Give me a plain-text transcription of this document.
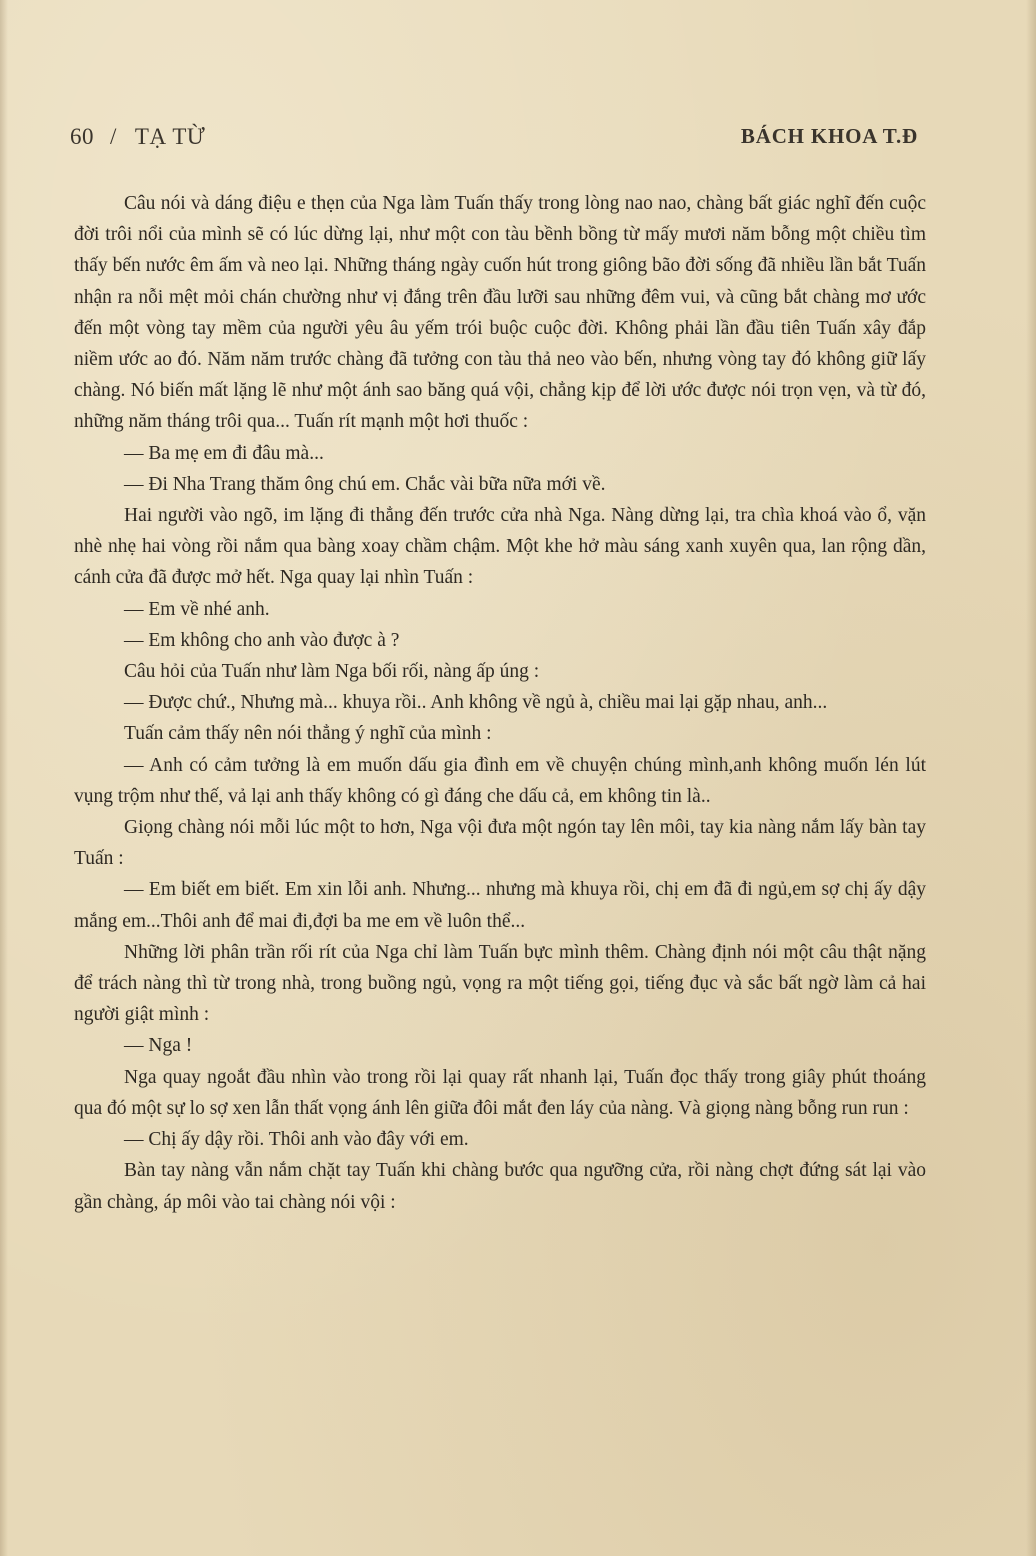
60 / TẠ TỪ	BÁCH KHOA T.Đ

Câu nói và dáng điệu e thẹn của Nga làm Tuấn thấy trong lòng nao nao, chàng bất giác nghĩ đến cuộc đời trôi nổi của mình sẽ có lúc dừng lại, như một con tàu bềnh bồng từ mấy mươi năm bỗng một chiều tìm thấy bến nước êm ấm và neo lại. Những tháng ngày cuốn hút trong giông bão đời sống đã nhiều lần bắt Tuấn nhận ra nỗi mệt mỏi chán chường như vị đắng trên đầu lưỡi sau những đêm vui, và cũng bắt chàng mơ ước đến một vòng tay mềm của người yêu âu yếm trói buộc cuộc đời. Không phải lần đầu tiên Tuấn xây đắp niềm ước ao đó. Năm năm trước chàng đã tưởng con tàu thả neo vào bến, nhưng vòng tay đó không giữ lấy chàng. Nó biến mất lặng lẽ như một ánh sao băng quá vội, chẳng kịp để lời ước được nói trọn vẹn, và từ đó, những năm tháng trôi qua... Tuấn rít mạnh một hơi thuốc :

— Ba mẹ em đi đâu mà...

— Đi Nha Trang thăm ông chú em. Chắc vài bữa nữa mới về.

Hai người vào ngõ, im lặng đi thẳng đến trước cửa nhà Nga. Nàng dừng lại, tra chìa khoá vào ổ, vặn nhè nhẹ hai vòng rồi nắm qua bàng xoay chầm chậm. Một khe hở màu sáng xanh xuyên qua, lan rộng dần, cánh cửa đã được mở hết. Nga quay lại nhìn Tuấn :

— Em về nhé anh.

— Em không cho anh vào được à ?

Câu hỏi của Tuấn như làm Nga bối rối, nàng ấp úng :

— Được chứ., Nhưng mà... khuya rồi.. Anh không về ngủ à, chiều mai lại gặp nhau, anh...

Tuấn cảm thấy nên nói thẳng ý nghĩ của mình :

— Anh có cảm tưởng là em muốn dấu gia đình em về chuyện chúng mình,anh không muốn lén lút vụng trộm như thế, vả lại anh thấy không có gì đáng che dấu cả, em không tin là..

Giọng chàng nói mỗi lúc một to hơn, Nga vội đưa một ngón tay lên môi, tay kia nàng nắm lấy bàn tay Tuấn :

— Em biết em biết. Em xin lỗi anh. Nhưng... nhưng mà khuya rồi, chị em đã đi ngủ,em sợ chị ấy dậy mắng em...Thôi anh để mai đi,đợi ba me em về luôn thể...

Những lời phân trần rối rít của Nga chỉ làm Tuấn bực mình thêm. Chàng định nói một câu thật nặng để trách nàng thì từ trong nhà, trong buồng ngủ, vọng ra một tiếng gọi, tiếng đục và sắc bất ngờ làm cả hai người giật mình :

— Nga !

Nga quay ngoắt đầu nhìn vào trong rồi lại quay rất nhanh lại, Tuấn đọc thấy trong giây phút thoáng qua đó một sự lo sợ xen lẫn thất vọng ánh lên giữa đôi mắt đen láy của nàng. Và giọng nàng bỗng run run :

— Chị ấy dậy rồi. Thôi anh vào đây với em.

Bàn tay nàng vẫn nắm chặt tay Tuấn khi chàng bước qua ngưỡng cửa, rồi nàng chợt đứng sát lại vào gần chàng, áp môi vào tai chàng nói vội :
